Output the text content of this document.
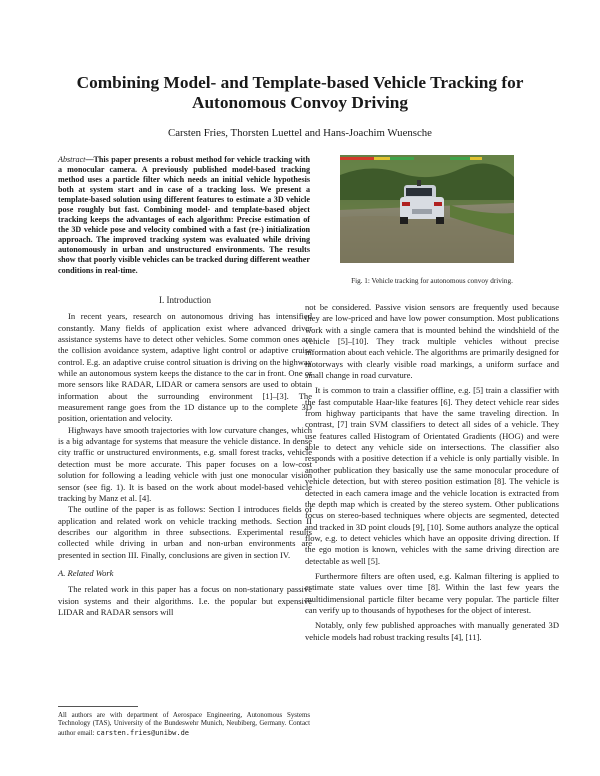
Combining Model- and Template-based Vehicle Tracking for Autonomous Convoy Driving
Carsten Fries, Thorsten Luettel and Hans-Joachim Wuensche
Abstract—This paper presents a robust method for vehicle tracking with a monocular camera. A previously published model-based tracking method uses a particle filter which needs an initial vehicle hypothesis both at system start and in case of a tracking loss. We present a template-based solution using different features to estimate a 3D vehicle pose roughly but fast. Combining model- and template-based object tracking keeps the advantages of each algorithm: Precise estimation of the 3D vehicle pose and velocity combined with a fast (re-) initialization approach. The improved tracking system was evaluated while driving autonomously in urban and unstructured environments. The results show that poorly visible vehicles can be tracked during different weather conditions in real-time.
Fig. 1: Vehicle tracking for autonomous convoy driving.
I. Introduction

In recent years, research on autonomous driving has intensified constantly. Many fields of application exist where advanced driver assistance systems have to detect other vehicles. Some common ones are the collision avoidance system, adaptive light control or adaptive cruise control. E.g. an adaptive cruise control situation is driving on the highway while an autonomous system keeps the distance to the car in front. One or more sensors like RADAR, LIDAR or camera sensors are used to obtain information about the surrounding environment [1]–[3]. The measurement range goes from the 1D distance up to the complete 3D position, orientation and velocity.

Highways have smooth trajectories with low curvature changes, which is a big advantage for systems that measure the vehicle distance. In dense city traffic or unstructured environments, e.g. small forest tracks, vehicle detection must be more accurate. This paper focuses on a low-cost solution for following a leading vehicle with just one monocular vision sensor (see fig. 1). It is based on the work about model-based vehicle tracking by Manz et al. [4].

The outline of the paper is as follows: Section I introduces fields of application and related work on vehicle tracking methods. Section II describes our algorithm in three subsections. Experimental results collected while driving in urban and non-urban environments are presented in section III. Finally, conclusions are given in section IV.

A. Related Work

The related work in this paper has a focus on non-stationary passive vision systems and their algorithms. I.e. the popular but expensive LIDAR and RADAR sensors will

All authors are with department of Aerospace Engineering, Autonomous Systems Technology (TAS), University of the Bundeswehr Munich, Neubiberg, Germany. Contact author email: carsten.fries@unibw.de

not be considered. Passive vision sensors are frequently used because they are low-priced and have low power consumption. Most publications work with a single camera that is mounted behind the windshield of the vehicle [5]–[10]. They track multiple vehicles without precise information about each vehicle. The algorithms are primarily designed for motorways with clearly visible road markings, a uniform surface and small change in road curvature.

It is common to train a classifier offline, e.g. [5] train a classifier with the fast computable Haar-like features [6]. They detect vehicle rear sides from highway participants that have the same traveling direction. In contrast, [7] train SVM classifiers to detect all sides of a vehicle. They use features called Histogram of Orientated Gradients (HOG) and were able to detect any vehicle side on intersections. The classifier also responds with a positive detection if a vehicle is only partially visible. In another publication they basically use the same monocular procedure of vehicle detection, but with stereo position estimation [8]. The vehicle is detected in each camera image and the vehicle location is extracted from the depth map which is created by the stereo system. Other publications focus on stereo-based techniques where objects are segmented, detected and tracked in 3D point clouds [9], [10]. Some authors analyze the optical flow, e.g. to detect vehicles which have an opposite driving direction. If the ego motion is known, vehicles with the same driving direction are detectable as well [5].

Furthermore filters are often used, e.g. Kalman filtering is applied to estimate state values over time [8]. Within the last few years the multidimensional particle filter became very popular. The particle filter can verify up to thousands of hypotheses for the object of interest.

Notably, only few published approaches with manually generated 3D vehicle models had robust tracking results [4], [11].
